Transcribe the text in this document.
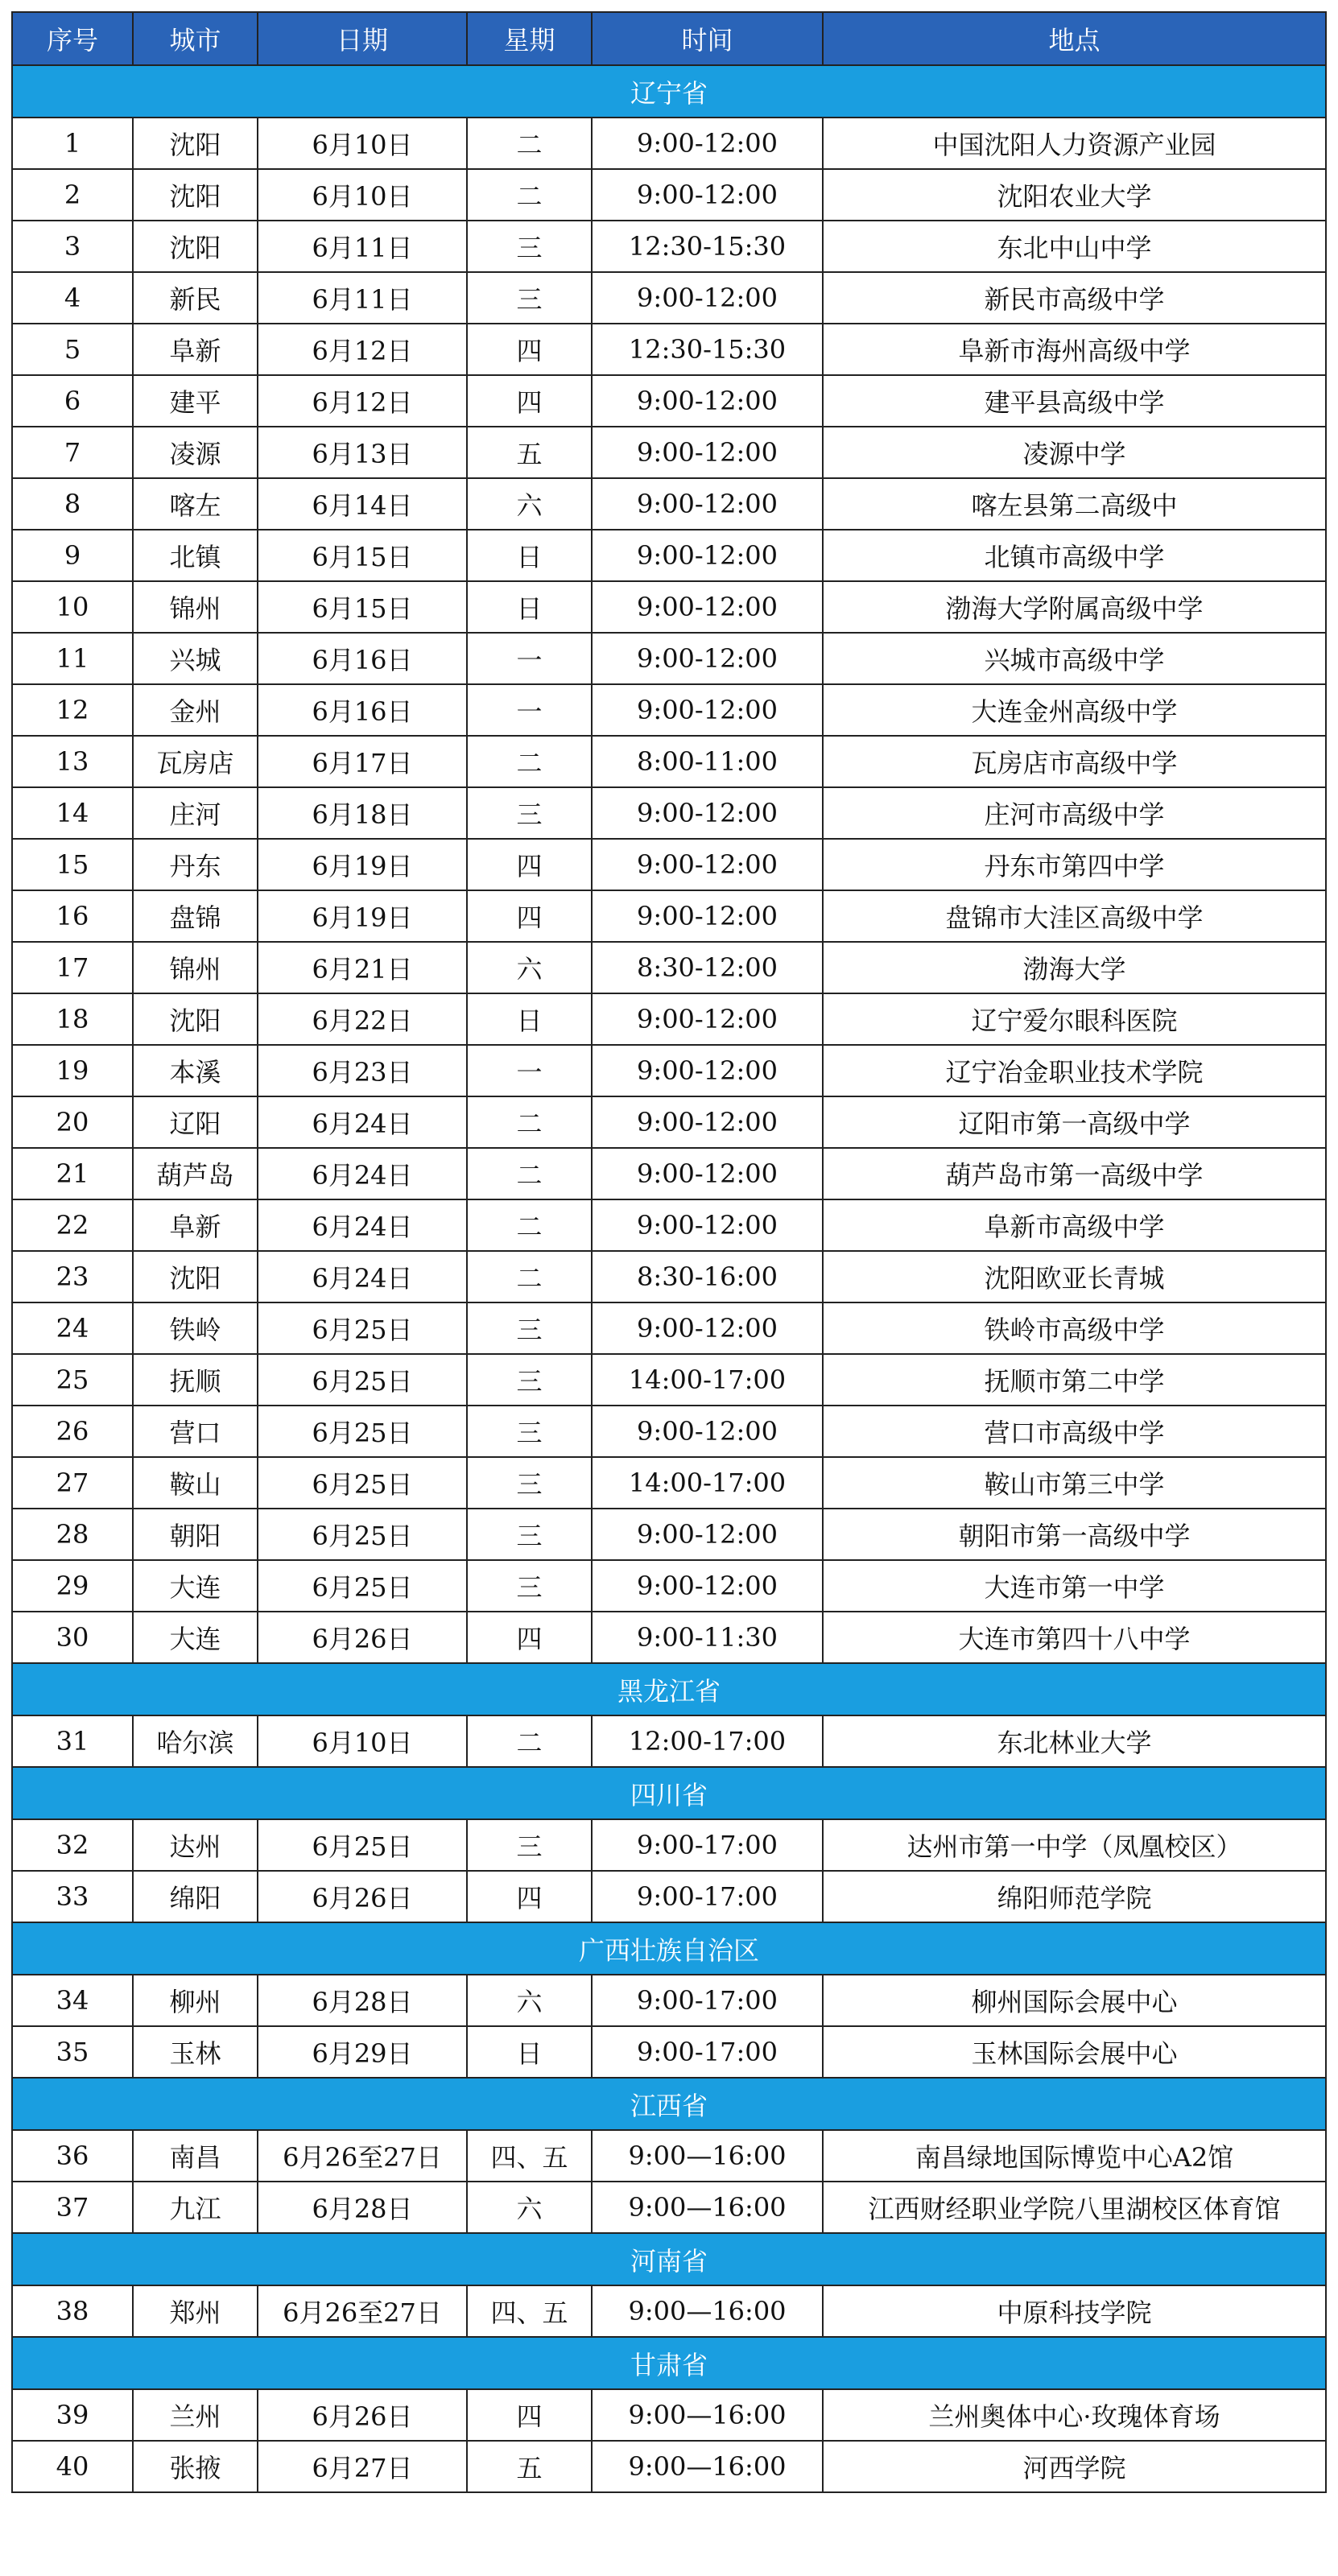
序号	城市	日期	星期	时间	地点
辽宁省					
1	沈阳	6月10日	二	9:00-12:00	中国沈阳人力资源产业园
2	沈阳	6月10日	二	9:00-12:00	沈阳农业大学
3	沈阳	6月11日	三	12:30-15:30	东北中山中学
4	新民	6月11日	三	9:00-12:00	新民市高级中学
5	阜新	6月12日	四	12:30-15:30	阜新市海州高级中学
6	建平	6月12日	四	9:00-12:00	建平县高级中学
7	凌源	6月13日	五	9:00-12:00	凌源中学
8	喀左	6月14日	六	9:00-12:00	喀左县第二高级中
9	北镇	6月15日	日	9:00-12:00	北镇市高级中学
10	锦州	6月15日	日	9:00-12:00	渤海大学附属高级中学
11	兴城	6月16日	一	9:00-12:00	兴城市高级中学
12	金州	6月16日	一	9:00-12:00	大连金州高级中学
13	瓦房店	6月17日	二	8:00-11:00	瓦房店市高级中学
14	庄河	6月18日	三	9:00-12:00	庄河市高级中学
15	丹东	6月19日	四	9:00-12:00	丹东市第四中学
16	盘锦	6月19日	四	9:00-12:00	盘锦市大洼区高级中学
17	锦州	6月21日	六	8:30-12:00	渤海大学
18	沈阳	6月22日	日	9:00-12:00	辽宁爱尔眼科医院
19	本溪	6月23日	一	9:00-12:00	辽宁冶金职业技术学院
20	辽阳	6月24日	二	9:00-12:00	辽阳市第一高级中学
21	葫芦岛	6月24日	二	9:00-12:00	葫芦岛市第一高级中学
22	阜新	6月24日	二	9:00-12:00	阜新市高级中学
23	沈阳	6月24日	二	8:30-16:00	沈阳欧亚长青城
24	铁岭	6月25日	三	9:00-12:00	铁岭市高级中学
25	抚顺	6月25日	三	14:00-17:00	抚顺市第二中学
26	营口	6月25日	三	9:00-12:00	营口市高级中学
27	鞍山	6月25日	三	14:00-17:00	鞍山市第三中学
28	朝阳	6月25日	三	9:00-12:00	朝阳市第一高级中学
29	大连	6月25日	三	9:00-12:00	大连市第一中学
30	大连	6月26日	四	9:00-11:30	大连市第四十八中学
黑龙江省					
31	哈尔滨	6月10日	二	12:00-17:00	东北林业大学
四川省					
32	达州	6月25日	三	9:00-17:00	达州市第一中学（凤凰校区）
33	绵阳	6月26日	四	9:00-17:00	绵阳师范学院
广西壮族自治区					
34	柳州	6月28日	六	9:00-17:00	柳州国际会展中心
35	玉林	6月29日	日	9:00-17:00	玉林国际会展中心
江西省					
36	南昌	6月26至27日	四、五	9:00—16:00	南昌绿地国际博览中心A2馆
37	九江	6月28日	六	9:00—16:00	江西财经职业学院八里湖校区体育馆
河南省					
38	郑州	6月26至27日	四、五	9:00—16:00	中原科技学院
甘肃省					
39	兰州	6月26日	四	9:00—16:00	兰州奥体中心·玫瑰体育场
40	张掖	6月27日	五	9:00—16:00	河西学院
